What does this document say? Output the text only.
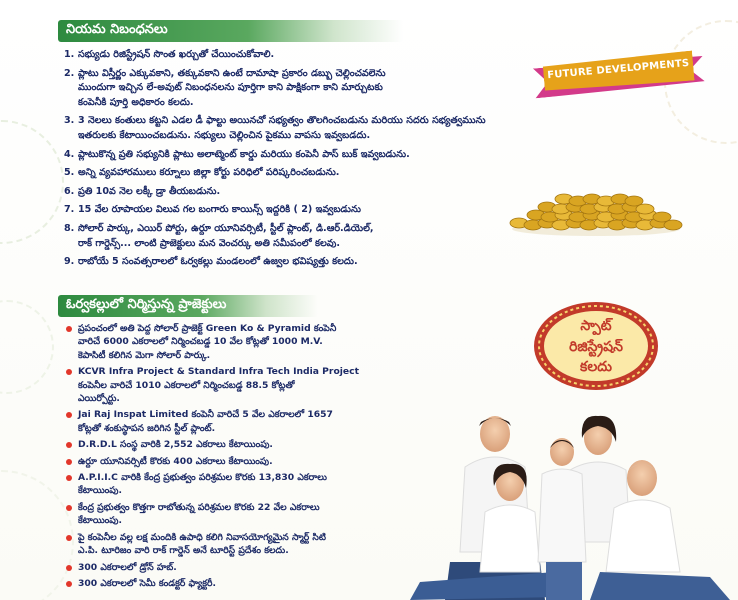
నియమ నిబంధనలు
1. సభ్యుడు రిజిస్ట్రేషన్ సొంత ఖర్చుతో చేయించుకోవాలి.
2. ప్లాటు విస్తీర్ణం ఎక్కువకాని, తక్కువకాని ఉంటే దామాషా ప్రకారం డబ్బు చెల్లించవలెను
ముందుగా ఇచ్చిన లే-అవుట్ నిబంధనలను పూర్తిగా కాని పాక్షికంగా కాని మార్చుటకు
కంపెనీకి పూర్తి అధికారం కలదు.
3. 3 నెలలు కంతులు కట్టని ఎడల డీ ఫాల్టు అయినచో సభ్యత్వం తొలగించబడును మరియు సదరు సభ్యత్వమును
ఇతరులకు కేటాయించబడును. సభ్యులు చెల్లించిన పైకము వాపసు ఇవ్వబడదు.
4. ప్లాటుకొన్న ప్రతి సభ్యునికి ప్లాటు అలాట్మెంట్ కార్డు మరియు కంపెనీ పాస్ బుక్ ఇవ్వబడును.
5. అన్ని వ్యవహారములు కర్నూలు జిల్లా కోర్టు పరిధిలో పరిష్కరించబడును.
6. ప్రతి 10వ నెల లక్కీ డ్రా తీయబడును.
7. 15 వేల రూపాయల విలువ గల బంగారు కాయిన్స్ ఇద్దరికి ( 2) ఇవ్వబడును
8. సోలార్ పార్కు, ఎయిర్ పోర్టు, ఉర్దూ యూనివర్సిటీ, స్టీల్ ప్లాంట్, డి.ఆర్.డియెల్,
రాక్ గార్డెన్స్... లాంటి ప్రాజెక్టులు మన వెంచర్కు అతి సమీపంలో కలవు.
9. రాబోయే 5 సంవత్సరాలలో ఓర్వకల్లు మండలంలో ఉజ్వల భవిష్యత్తు కలదు.
FUTURE DEVELOPMENTS
ఓర్వకల్లులో నిర్మిస్తున్న ప్రాజెక్టులు
ప్రపంచంలో అతి పెద్ద సోలార్ ప్రాజెక్ట్ Green Ko & Pyramid కంపెనీ
వారిచే 6000 ఎకరాలలో నిర్మించబడ్డ 10 వేల కోట్లతో 1000 M.V.
కెపాసిటీ కలిగిన మెగా సోలార్ పార్కు.
KCVR Infra Project & Standard Infra Tech India Project
కంపెనీల వారిచే 1010 ఎకరాలలో నిర్మించబడ్డ 88.5 కోట్లతో
ఎయిర్పోర్టు.
Jai Raj Inspat Limited కంపెనీ వారిచే 5 వేల ఎకరాలలో 1657
కోట్లతో శంకుస్థాపన జరిగిన స్టీల్ ప్లాంట్.
D.R.D.L సంస్థ వారికి 2,552 ఎకరాలు కేటాయింపు.
ఉర్దూ యూనివర్సిటీ కొరకు 400 ఎకరాలు కేటాయింపు.
A.P.I.I.C వారికి కేంద్ర ప్రభుత్వం పరిశ్రమల కొరకు 13,830 ఎకరాలు
కేటాయింపు.
కేంద్ర ప్రభుత్వం కొత్తగా రాబోతున్న పరిశ్రమల కొరకు 22 వేల ఎకరాలు
కేటాయింపు.
పై కంపెనీల వల్ల లక్ష మందికి ఉపాధి కలిగి నివాసయోగ్యమైన స్మార్ట్ సిటి
ఎ.పి. టూరిజం వారి రాక్ గార్డెన్ అనే టూరిస్ట్ ప్రదేశం కలదు.
300 ఎకరాలలో డ్రోన్ హబ్.
300 ఎకరాలలో సెమీ కండక్టర్ ఫ్యాక్టరీ.
స్పాట్
రిజిస్ట్రేషన్
కలదు
